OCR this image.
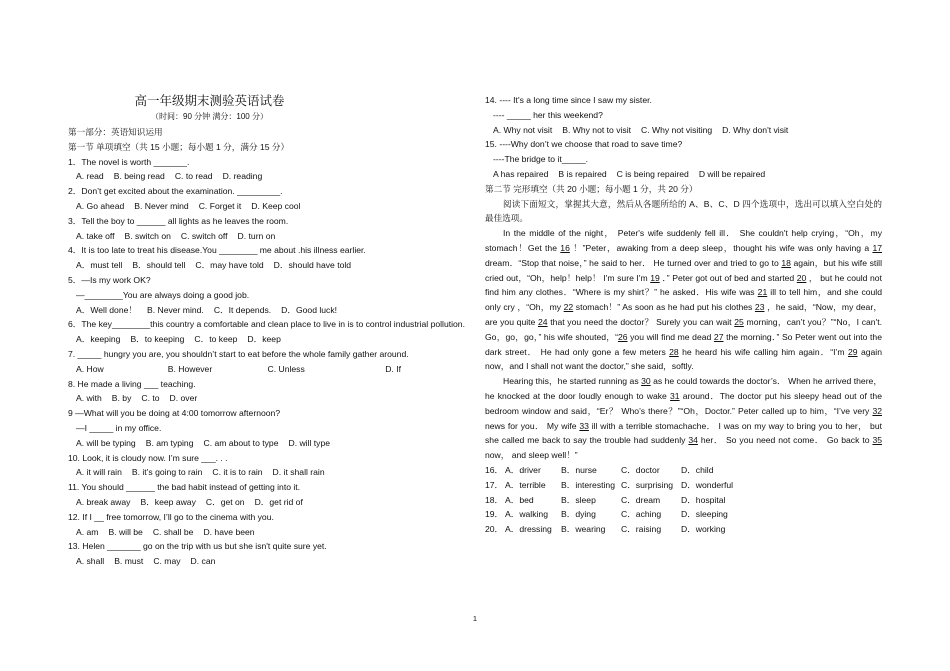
高一年级期末测验英语试卷
（时间：90 分钟 满分：100 分）
第一部分：英语知识运用
第一节 单项填空（共 15 小题；每小题 1 分，满分 15 分）
1．The novel is worth _______.
A. read B. being read C. to read D. reading
2．Don’t get excited about the examination. _________.
A. Go ahead B. Never mind C. Forget it D. Keep cool
3．Tell the boy to ______ all lights as he leaves the room.
A. take off B. switch on C. switch off D. turn on
4．It is too late to treat his disease.You ________ me about .his illness earlier.
A．must tell B．should tell C．may have told D．should have told
5．—Is my work OK?
—________You are always doing a good job.
A．Well done！ B. Never mind. C．It depends. D．Good luck!
6．The key________this country a comfortable and clean place to live in is to control industrial pollution.
A．keeping B．to keeping C．to keep D．keep
7. _____ hungry you are, you shouldn’t start to eat before the whole family gather around.
A. How	B. However	C. Unless	D. If
8. He made a living ___ teaching.
A. with B. by C. to D. over
9 —What will you be doing at 4:00 tomorrow afternoon?
—I _____ in my office.
A. will be typing B. am typing C. am about to type D. will type
10. Look, it is cloudy now. I’m sure ___. . .
A. it will rain B. it’s going to rain C. it is to rain D. it shall rain
11. You should ______ the bad habit instead of getting into it.
A. break away B．keep away C．get on D．get rid of
12. If I __ free tomorrow, I’ll go to the cinema with you.
A. am B. will be C. shall be D. have been
13. Helen _______ go on the trip with us but she isn't quite sure yet.
A. shall B. must C. may D. can
14. ---- It's a long time since I saw my sister.
---- _____ her this weekend?
A. Why not visit B. Why not to visit C. Why not visiting D. Why don't visit
15. ----Why don’t we choose that road to save time?
----The bridge to it_____.
A has repaired B is repaired C is being repaired D will be repaired
第二节 完形填空（共 20 小题；每小题 1 分，共 20 分）
阅读下面短文，掌握其大意，然后从各题所给的 A、B、C、D 四个选项中，选出可以填入空白处的最佳选项。
In the middle of the night， Peter's wife suddenly fell ill． She couldn't help crying，“Oh，my stomach！Get the 16 ！”Peter，awaking from a deep sleep，thought his wife was only having a 17 dream．“Stop that noise，” he said to her． He turned over and tried to go to 18 again，but his wife still cried out，“Oh，help！help！ I'm sure I'm 19 ．” Peter got out of bed and started 20 ， but he could not find him any clothes．“Where is my shirt？” he asked．His wife was 21 ill to tell him，and she could only cry ，“Oh，my 22 stomach！” As soon as he had put his clothes 23 ，he said，“Now，my dear，are you quite 24 that you need the doctor？ Surely you can wait 25 morning，can’t you？”“No，I can't. Go，go，go，” his wife shouted，“26 you will find me dead 27 the morning．” So Peter went out into the dark street． He had only gone a few meters 28 he heard his wife calling him again．“I’m 29 again now，and I shall not want the doctor,” she said，softly.
Hearing this，he started running as 30 as he could towards the doctor’s． When he arrived there，he knocked at the door loudly enough to wake 31 around．The doctor put his sleepy head out of the bedroom window and said，“Er？ Who’s there？”“Oh，Doctor.” Peter called up to him，“I’ve very 32 news for you． My wife 33 ill with a terrible stomachache． I was on my way to bring you to her， but she called me back to say the trouble had suddenly 34 her． So you need not come． Go back to 35 now， and sleep well！”
16． A．driver	B．nurse	C．doctor	D．child
17． A．terrible	B．interesting C．surprising D．wonderful
18． A．bed	B．sleep	C．dream	D．hospital
19． A．walking	B．dying	C．aching	D．sleeping
20． A．dressing	B．wearing	C．raising	D．working
1
